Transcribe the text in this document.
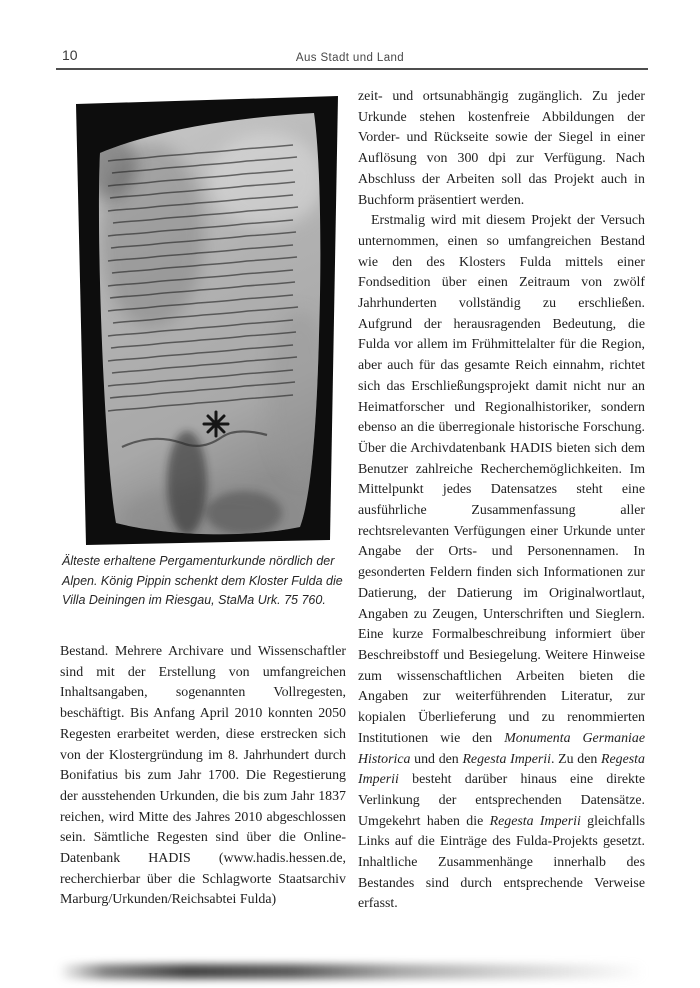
10	Aus Stadt und Land
Älteste erhaltene Pergamenturkunde nördlich der Alpen. König Pippin schenkt dem Kloster Fulda die Villa Deiningen im Riesgau, StaMa Urk. 75 760.

Bestand. Mehrere Archivare und Wissenschaftler sind mit der Erstellung von umfangreichen Inhaltsangaben, sogenannten Vollregesten, beschäftigt. Bis Anfang April 2010 konnten 2050 Regesten erarbeitet werden, diese erstrecken sich von der Klostergründung im 8. Jahrhundert durch Bonifatius bis zum Jahr 1700. Die Regestierung der ausstehenden Urkunden, die bis zum Jahr 1837 reichen, wird Mitte des Jahres 2010 abgeschlossen sein. Sämtliche Regesten sind über die Online-Datenbank HADIS (www.hadis.hessen.de, recherchierbar über die Schlagworte Staatsarchiv Marburg/Urkunden/Reichsabtei Fulda)

zeit- und ortsunabhängig zugänglich. Zu jeder Urkunde stehen kostenfreie Abbildungen der Vorder- und Rückseite sowie der Siegel in einer Auflösung von 300 dpi zur Verfügung. Nach Abschluss der Arbeiten soll das Projekt auch in Buchform präsentiert werden.

Erstmalig wird mit diesem Projekt der Versuch unternommen, einen so umfangreichen Bestand wie den des Klosters Fulda mittels einer Fondsedition über einen Zeitraum von zwölf Jahrhunderten vollständig zu erschließen. Aufgrund der herausragenden Bedeutung, die Fulda vor allem im Frühmittelalter für die Region, aber auch für das gesamte Reich einnahm, richtet sich das Erschließungsprojekt damit nicht nur an Heimatforscher und Regionalhistoriker, sondern ebenso an die überregionale historische Forschung. Über die Archivdatenbank HADIS bieten sich dem Benutzer zahlreiche Recherchemöglichkeiten. Im Mittelpunkt jedes Datensatzes steht eine ausführliche Zusammenfassung aller rechtsrelevanten Verfügungen einer Urkunde unter Angabe der Orts- und Personennamen. In gesonderten Feldern finden sich Informationen zur Datierung, der Datierung im Originalwortlaut, Angaben zu Zeugen, Unterschriften und Sieglern. Eine kurze Formalbeschreibung informiert über Beschreibstoff und Besiegelung. Weitere Hinweise zum wissenschaftlichen Arbeiten bieten die Angaben zur weiterführenden Literatur, zur kopialen Überlieferung und zu renommierten Institutionen wie den Monumenta Germaniae Historica und den Regesta Imperii. Zu den Regesta Imperii besteht darüber hinaus eine direkte Verlinkung der entsprechenden Datensätze. Umgekehrt haben die Regesta Imperii gleichfalls Links auf die Einträge des Fulda-Projekts gesetzt. Inhaltliche Zusammenhänge innerhalb des Bestandes sind durch entsprechende Verweise erfasst.
